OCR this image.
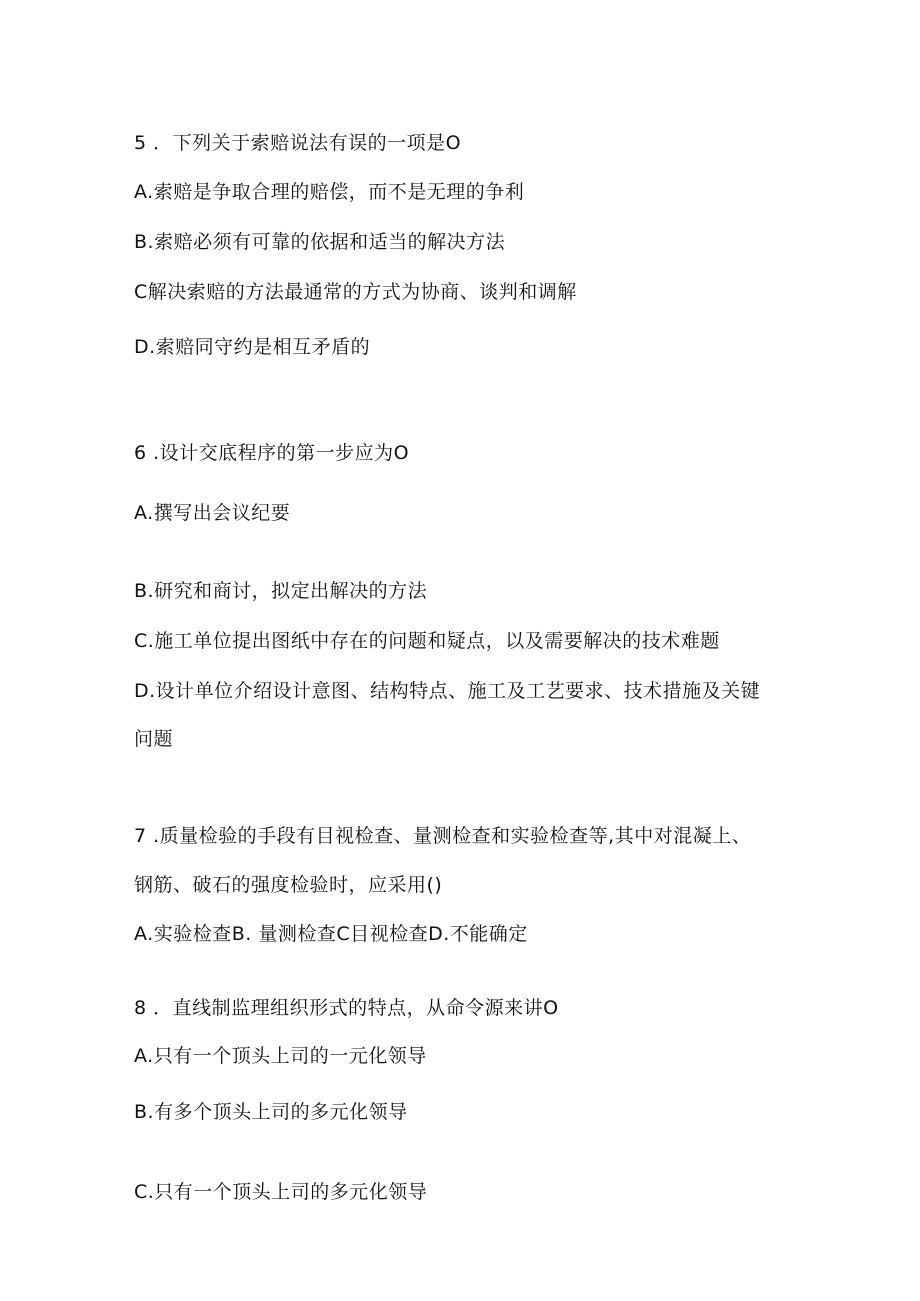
5 ．下列关于索赔说法有误的一项是O
A.索赔是争取合理的赔偿，而不是无理的争利
B.索赔必须有可靠的依据和适当的解决方法
C解决索赔的方法最通常的方式为协商、谈判和调解
D.索赔同守约是相互矛盾的
6 .设计交底程序的第一步应为O
A.撰写出会议纪要
B.研究和商讨，拟定出解决的方法
C.施工单位提出图纸中存在的问题和疑点，以及需要解决的技术难题
D.设计单位介绍设计意图、结构特点、施工及工艺要求、技术措施及关键
问题
7 .质量检验的手段有目视检查、量测检查和实验检查等,其中对混凝上、
钢筋、破石的强度检验时，应采用()
A.实验检查B. 量测检查C目视检查D.不能确定
8 ．直线制监理组织形式的特点，从命令源来讲O
A.只有一个顶头上司的一元化领导
B.有多个顶头上司的多元化领导
C.只有一个顶头上司的多元化领导
